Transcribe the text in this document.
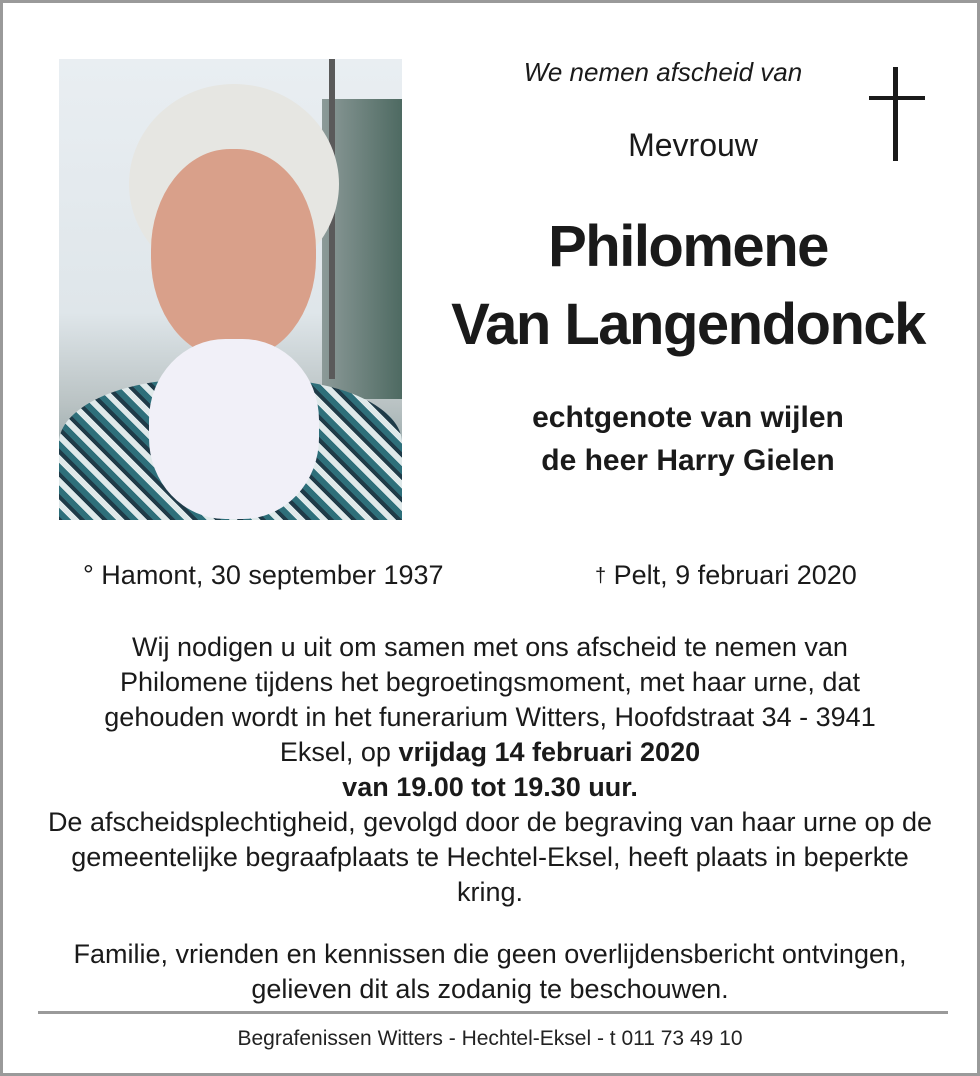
We nemen afscheid van
Mevrouw
Philomene
Van Langendonck
echtgenote van wijlen
de heer Harry Gielen
° Hamont, 30 september 1937	† Pelt, 9 februari 2020

Wij nodigen u uit om samen met ons afscheid te nemen van Philomene tijdens het begroetingsmoment, met haar urne, dat gehouden wordt in het funerarium Witters, Hoofdstraat 34 - 3941 Eksel, op vrijdag 14 februari 2020
van 19.00 tot 19.30 uur.

De afscheidsplechtigheid, gevolgd door de begraving van haar urne op de gemeentelijke begraafplaats te Hechtel-Eksel, heeft plaats in beperkte kring.

Familie, vrienden en kennissen die geen overlijdensbericht ontvingen, gelieven dit als zodanig te beschouwen.
Begrafenissen Witters - Hechtel-Eksel - t 011 73 49 10
